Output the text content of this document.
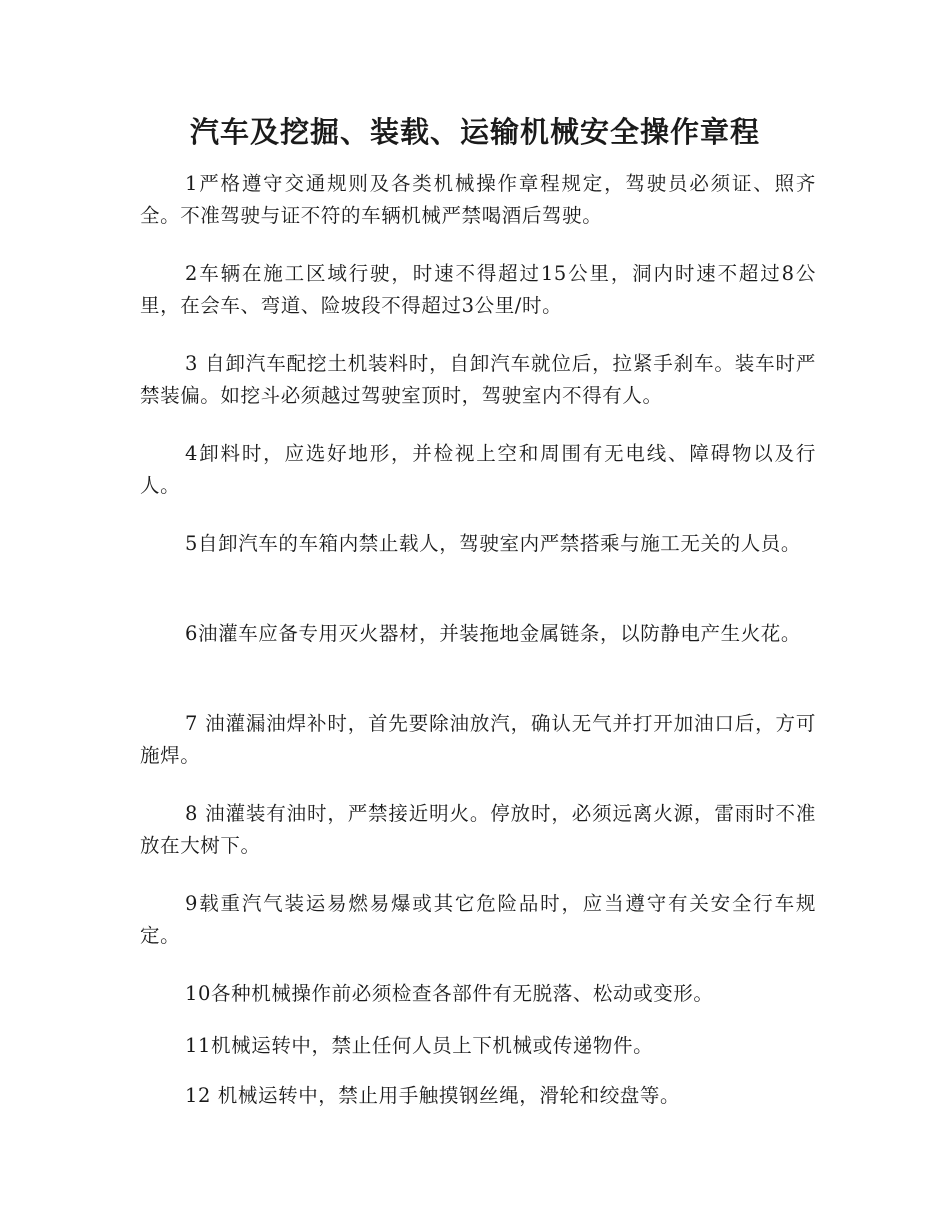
汽车及挖掘、装载、运输机械安全操作章程

1严格遵守交通规则及各类机械操作章程规定，驾驶员必须证、照齐全。不准驾驶与证不符的车辆机械严禁喝酒后驾驶。

2车辆在施工区域行驶，时速不得超过15公里，洞内时速不超过8公里，在会车、弯道、险坡段不得超过3公里/时。

3 自卸汽车配挖土机装料时，自卸汽车就位后，拉紧手刹车。装车时严禁装偏。如挖斗必须越过驾驶室顶时，驾驶室内不得有人。

4卸料时，应选好地形，并检视上空和周围有无电线、障碍物以及行人。

5自卸汽车的车箱内禁止载人，驾驶室内严禁搭乘与施工无关的人员。

6油灌车应备专用灭火器材，并装拖地金属链条，以防静电产生火花。

7 油灌漏油焊补时，首先要除油放汽，确认无气并打开加油口后，方可施焊。

8 油灌装有油时，严禁接近明火。停放时，必须远离火源，雷雨时不准放在大树下。

9载重汽气装运易燃易爆或其它危险品时，应当遵守有关安全行车规定。

10各种机械操作前必须检查各部件有无脱落、松动或变形。

11机械运转中，禁止任何人员上下机械或传递物件。

12 机械运转中，禁止用手触摸钢丝绳，滑轮和绞盘等。
